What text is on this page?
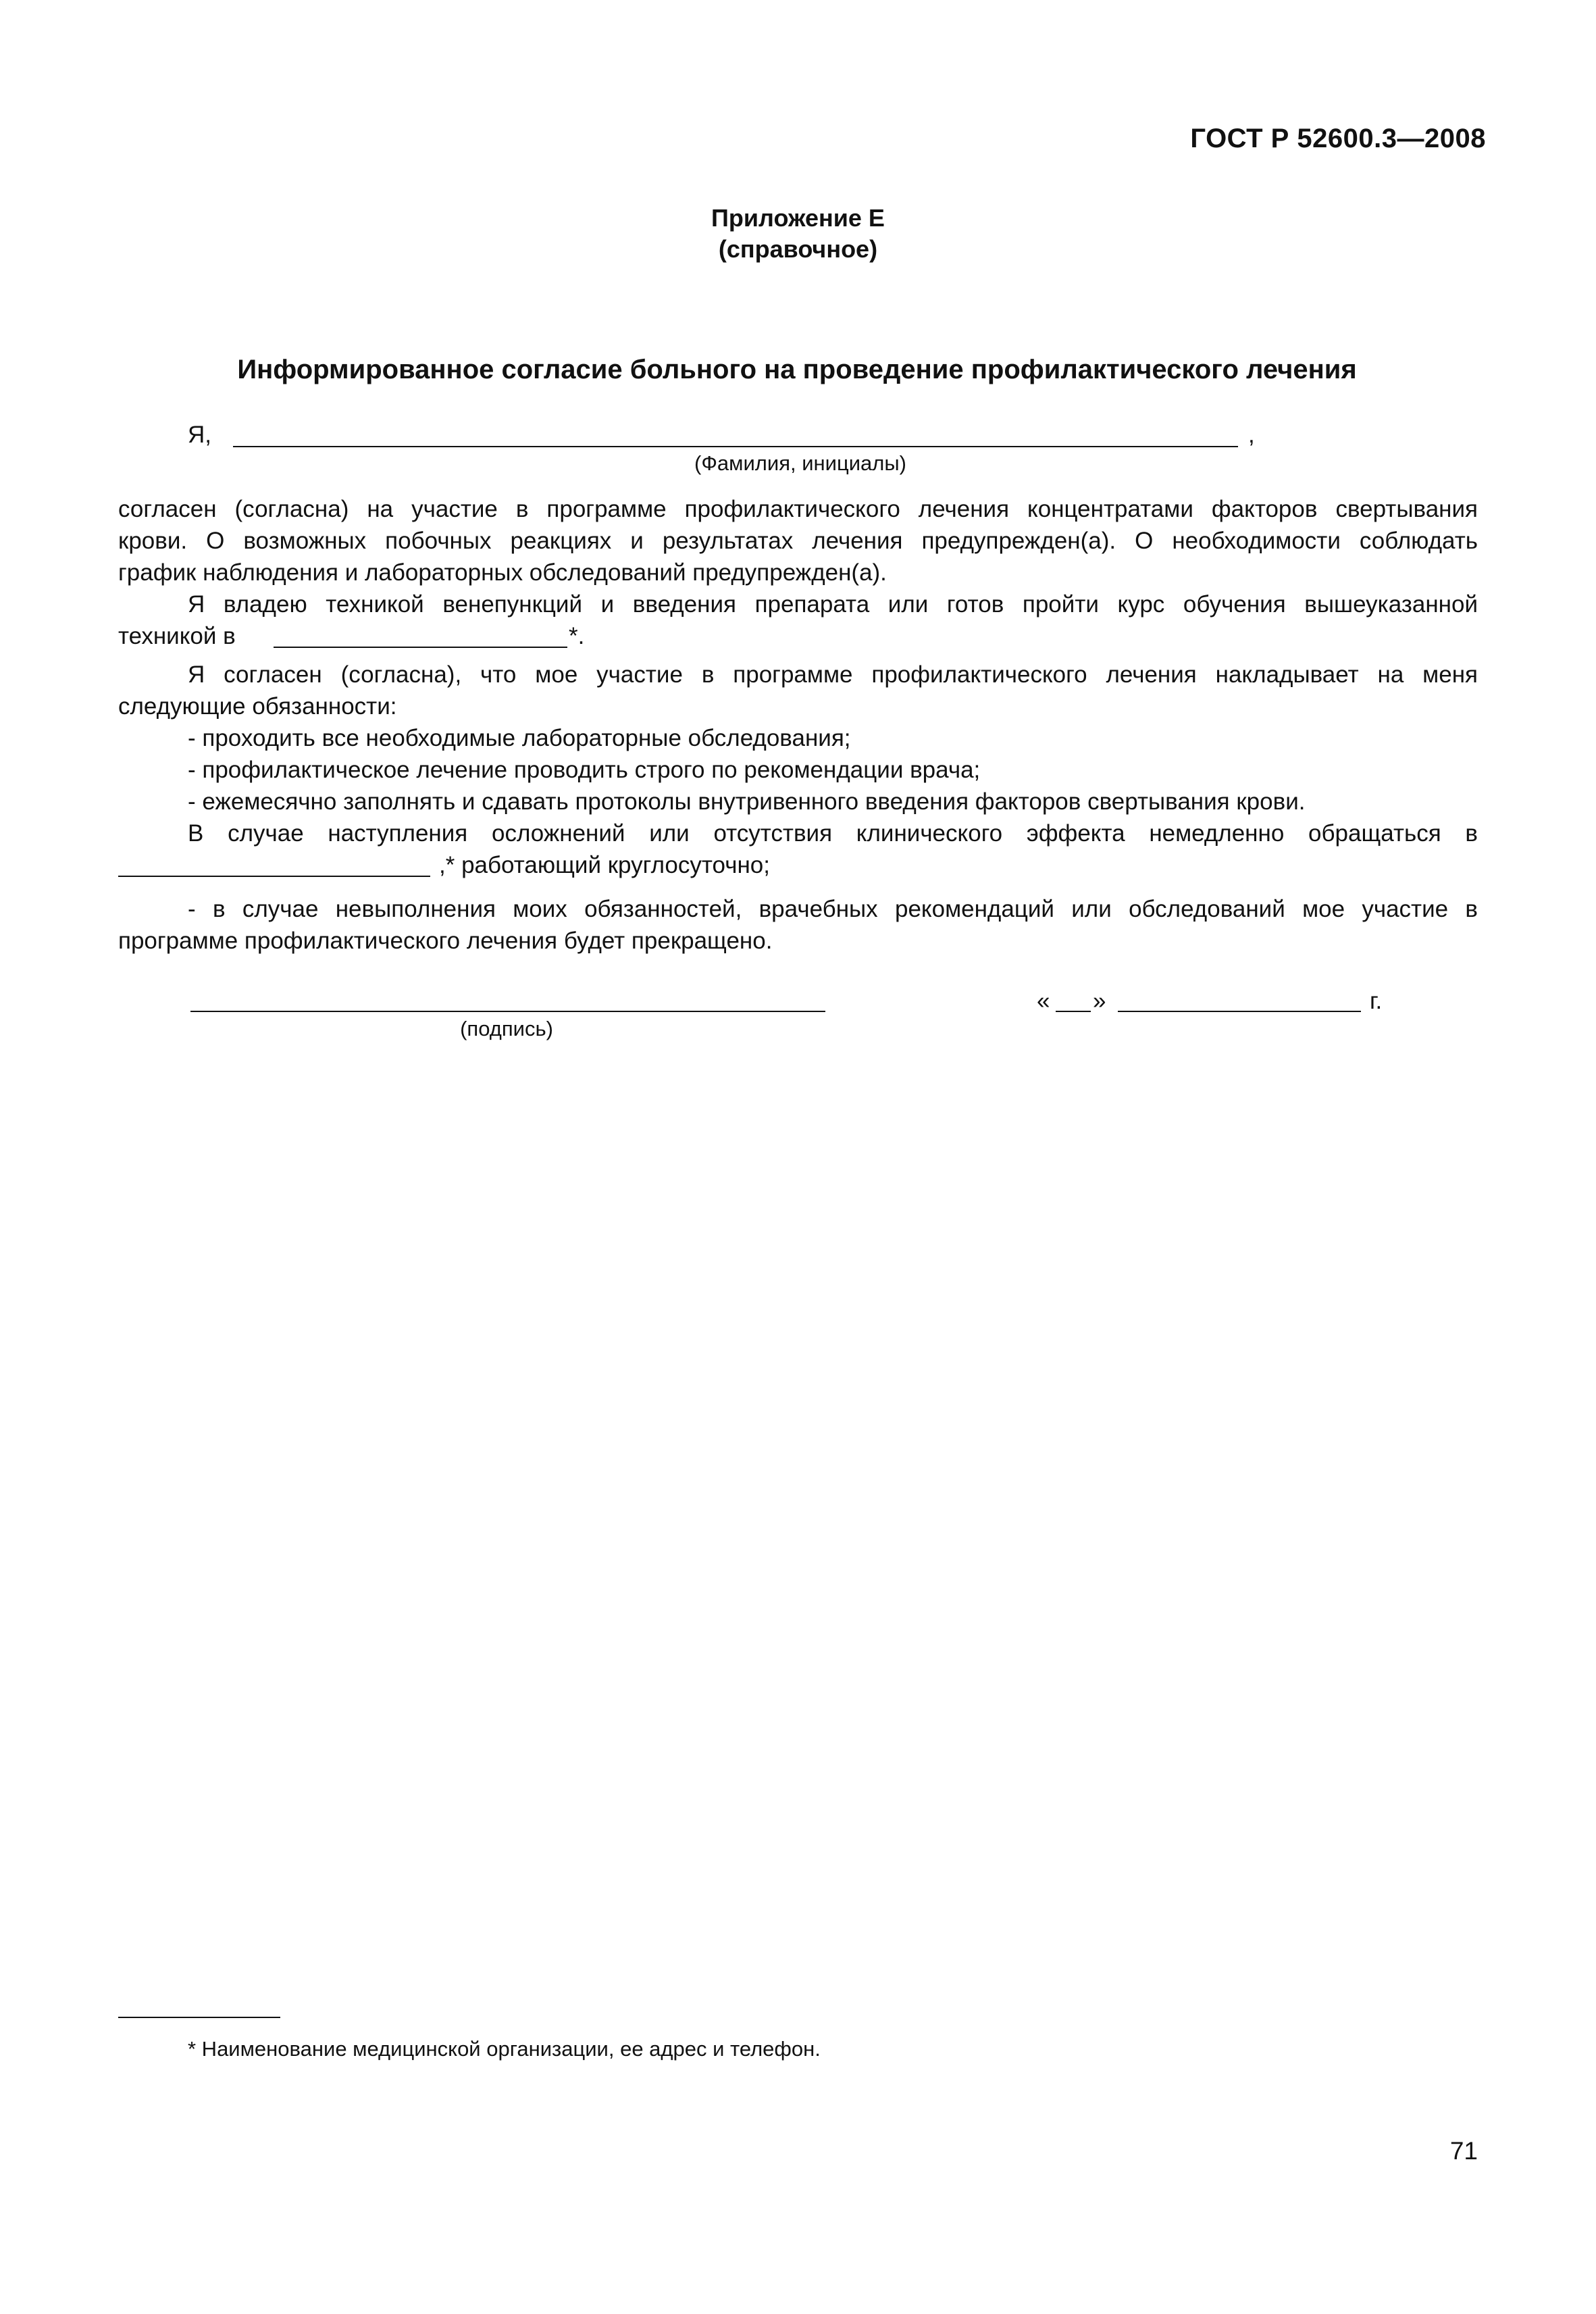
ГОСТ Р 52600.3—2008
Приложение Е
(справочное)
Информированное согласие больного на проведение профилактического лечения
Я,	,
(Фамилия, инициалы)
согласен (согласна) на участие в программе профилактического лечения концентратами факторов свертывания
крови. О возможных побочных реакциях и результатах лечения предупрежден(а). О необходимости соблюдать
график наблюдения и лабораторных обследований предупрежден(а).
Я владею техникой венепункций и введения препарата или готов пройти курс обучения вышеуказанной
техникой в	*.
Я согласен (согласна), что мое участие в программе профилактического лечения накладывает на меня
следующие обязанности:
- проходить все необходимые лабораторные обследования;
- профилактическое лечение проводить строго по рекомендации врача;
- ежемесячно заполнять и сдавать протоколы внутривенного введения факторов свертывания крови.
В случае наступления осложнений или отсутствия клинического эффекта немедленно обращаться в
,* работающий круглосуточно;
- в случае невыполнения моих обязанностей, врачебных рекомендаций или обследований мое участие в
программе профилактического лечения будет прекращено.
(подпись)
« »	г.
* Наименование медицинской организации, ее адрес и телефон.
71
